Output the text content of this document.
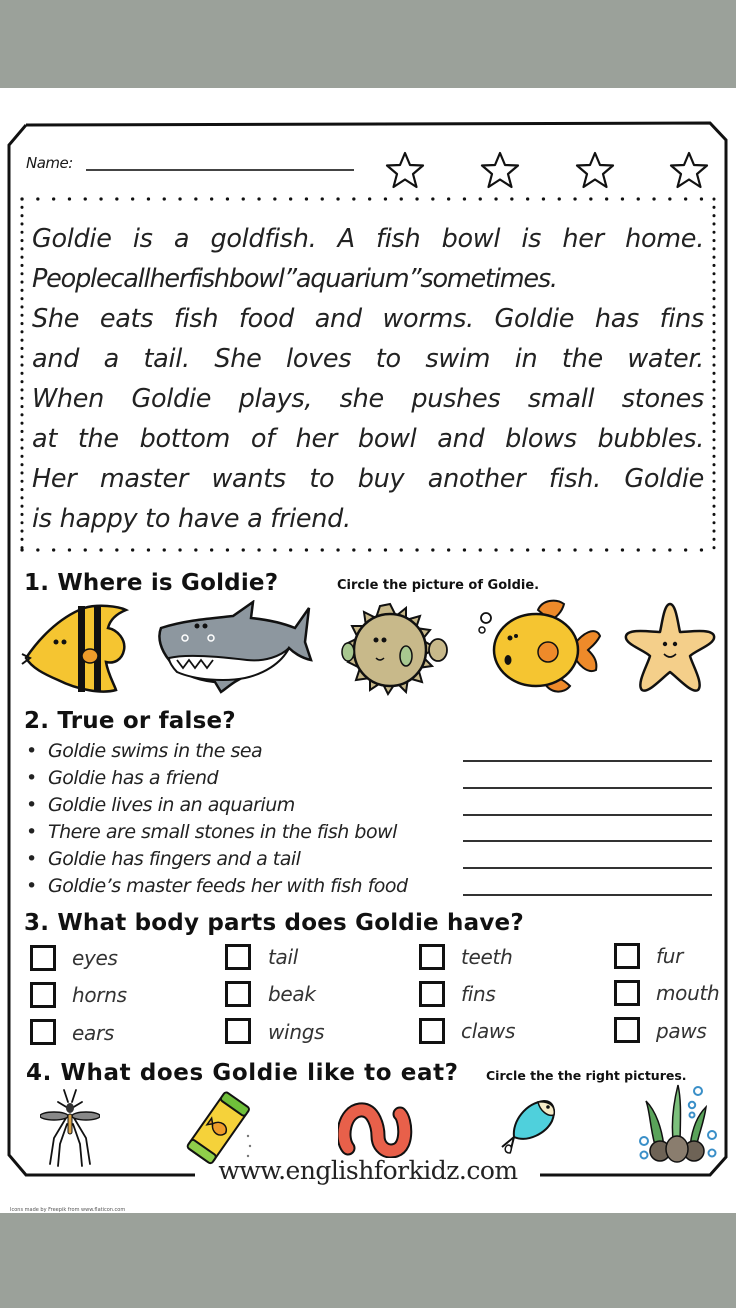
Name:
Goldie is a goldfish. A fish bowl is her home.
Peoplecallherfishbowl”aquarium”sometimes.
She eats fish food and worms. Goldie has fins
and a tail. She loves to swim in the water.
When Goldie plays, she pushes small stones
at the bottom of her bowl and blows bubbles.
Her master wants to buy another fish. Goldie
is happy to have a friend.
1. Where is Goldie?	Circle the picture of Goldie.
2. True or false?
• Goldie swims in the sea
• Goldie has a friend
• Goldie lives in an aquarium
• There are small stones in the fish bowl
• Goldie has fingers and a tail
• Goldie’s master feeds her with fish food
3. What body parts does Goldie have?
eyes	tail	teeth	fur
horns	beak	fins	mouth
ears	wings	claws	paws
4. What does Goldie like to eat? Circle the the right pictures.
www.englishforkidz.com
Icons made by Freepik from www.flaticon.com
